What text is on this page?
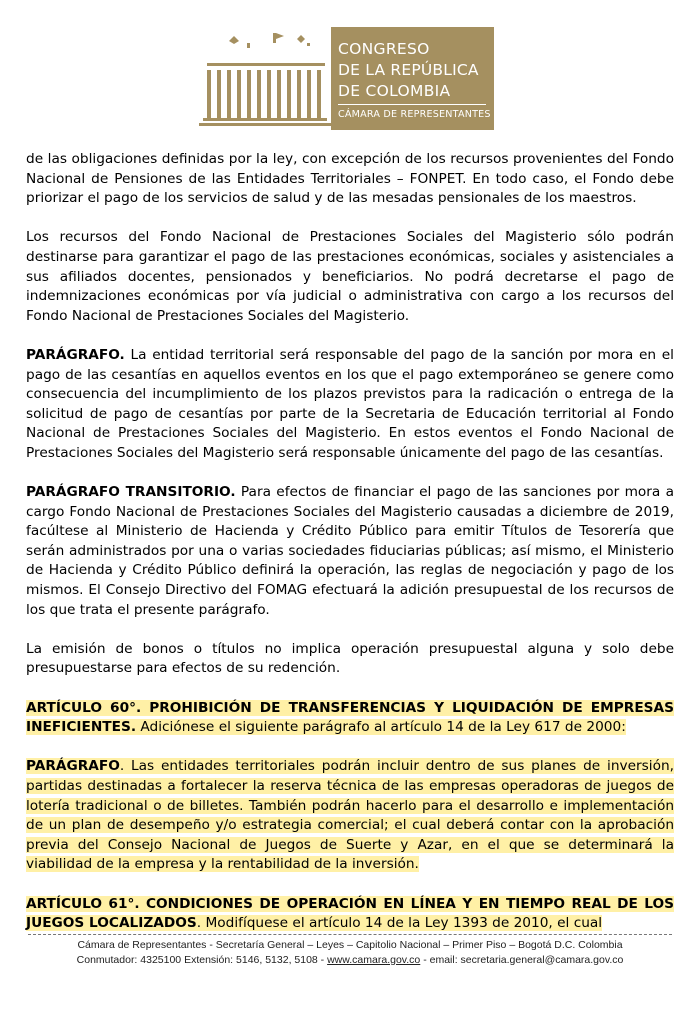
CONGRESO
DE LA REPÚBLICA
DE COLOMBIA
CÁMARA DE REPRESENTANTES

de las obligaciones definidas por la ley, con excepción de los recursos provenientes del Fondo Nacional de Pensiones de las Entidades Territoriales – FONPET. En todo caso, el Fondo debe priorizar el pago de los servicios de salud y de las mesadas pensionales de los maestros.

Los recursos del Fondo Nacional de Prestaciones Sociales del Magisterio sólo podrán destinarse para garantizar el pago de las prestaciones económicas, sociales y asistenciales a sus afiliados docentes, pensionados y beneficiarios. No podrá decretarse el pago de indemnizaciones económicas por vía judicial o administrativa con cargo a los recursos del Fondo Nacional de Prestaciones Sociales del Magisterio.

PARÁGRAFO. La entidad territorial será responsable del pago de la sanción por mora en el pago de las cesantías en aquellos eventos en los que el pago extemporáneo se genere como consecuencia del incumplimiento de los plazos previstos para la radicación o entrega de la solicitud de pago de cesantías por parte de la Secretaria de Educación territorial al Fondo Nacional de Prestaciones Sociales del Magisterio. En estos eventos el Fondo Nacional de Prestaciones Sociales del Magisterio será responsable únicamente del pago de las cesantías.

PARÁGRAFO TRANSITORIO. Para efectos de financiar el pago de las sanciones por mora a cargo Fondo Nacional de Prestaciones Sociales del Magisterio causadas a diciembre de 2019, facúltese al Ministerio de Hacienda y Crédito Público para emitir Títulos de Tesorería que serán administrados por una o varias sociedades fiduciarias públicas; así mismo, el Ministerio de Hacienda y Crédito Público definirá la operación, las reglas de negociación y pago de los mismos. El Consejo Directivo del FOMAG efectuará la adición presupuestal de los recursos de los que trata el presente parágrafo.

La emisión de bonos o títulos no implica operación presupuestal alguna y solo debe presupuestarse para efectos de su redención.

ARTÍCULO 60°. PROHIBICIÓN DE TRANSFERENCIAS Y LIQUIDACIÓN DE EMPRESAS INEFICIENTES. Adiciónese el siguiente parágrafo al artículo 14 de la Ley 617 de 2000:

PARÁGRAFO. Las entidades territoriales podrán incluir dentro de sus planes de inversión, partidas destinadas a fortalecer la reserva técnica de las empresas operadoras de juegos de lotería tradicional o de billetes. También podrán hacerlo para el desarrollo e implementación de un plan de desempeño y/o estrategia comercial; el cual deberá contar con la aprobación previa del Consejo Nacional de Juegos de Suerte y Azar, en el que se determinará la viabilidad de la empresa y la rentabilidad de la inversión.

ARTÍCULO 61°. CONDICIONES DE OPERACIÓN EN LÍNEA Y EN TIEMPO REAL DE LOS JUEGOS LOCALIZADOS. Modifíquese el artículo 14 de la Ley 1393 de 2010, el cual

Cámara de Representantes - Secretaría General – Leyes – Capitolio Nacional – Primer Piso – Bogotá D.C. Colombia
Conmutador: 4325100 Extensión: 5146, 5132, 5108 - www.camara.gov.co - email: secretaria.general@camara.gov.co
